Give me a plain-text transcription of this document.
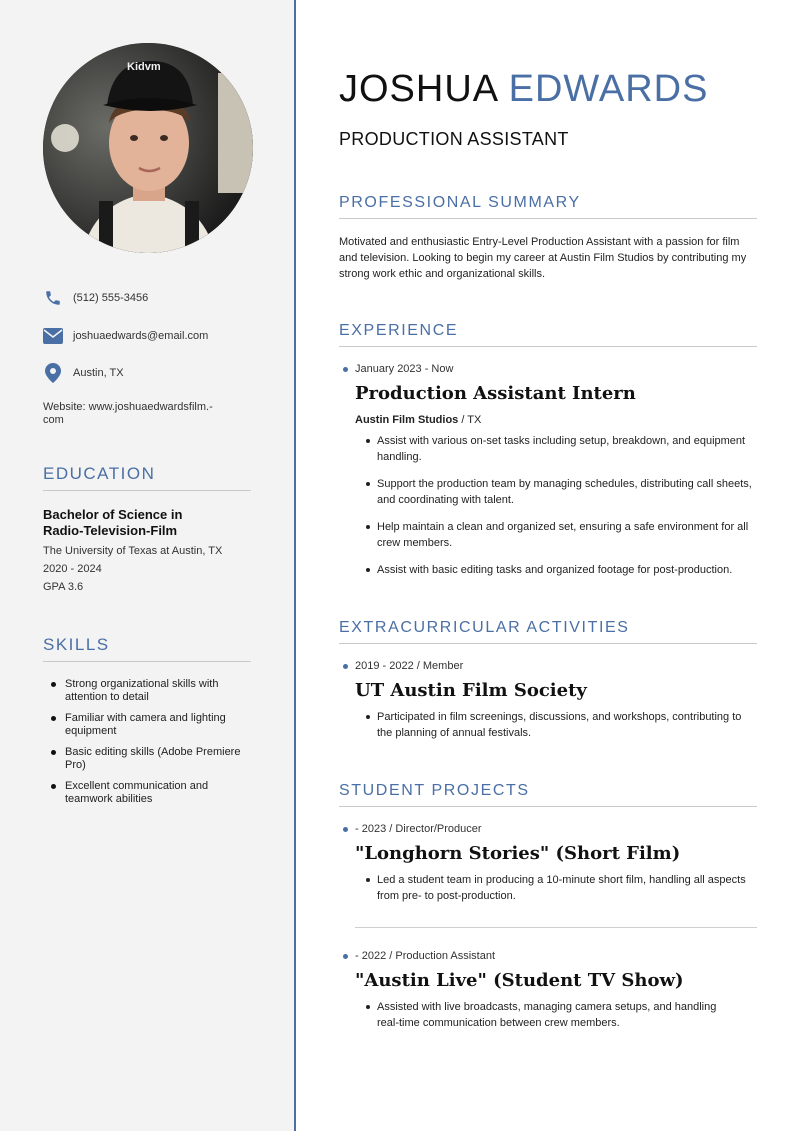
Kidvm
(512) 555-3456
joshuaedwards@email.com
Austin, TX
Website: www.joshuaedwardsfilm.-
com
EDUCATION
Bachelor of Science in
Radio-Television-Film
The University of Texas at Austin, TX
2020 - 2024
GPA 3.6
SKILLS
Strong organizational skills with
attention to detail
Familiar with camera and lighting
equipment
Basic editing skills (Adobe Premiere
Pro)
Excellent communication and
teamwork abilities
JOSHUA EDWARDS
PRODUCTION ASSISTANT
PROFESSIONAL SUMMARY
Motivated and enthusiastic Entry-Level Production Assistant with a passion for film
and television. Looking to begin my career at Austin Film Studios by contributing my
strong work ethic and organizational skills.
EXPERIENCE
January 2023 - Now
Production Assistant Intern
Austin Film Studios / TX
Assist with various on-set tasks including setup, breakdown, and equipment
handling.
Support the production team by managing schedules, distributing call sheets,
and coordinating with talent.
Help maintain a clean and organized set, ensuring a safe environment for all
crew members.
Assist with basic editing tasks and organized footage for post-production.
EXTRACURRICULAR ACTIVITIES
2019 - 2022 / Member
UT Austin Film Society
Participated in film screenings, discussions, and workshops, contributing to
the planning of annual festivals.
STUDENT PROJECTS
- 2023 / Director/Producer
"Longhorn Stories" (Short Film)
Led a student team in producing a 10-minute short film, handling all aspects
from pre- to post-production.
- 2022 / Production Assistant
"Austin Live" (Student TV Show)
Assisted with live broadcasts, managing camera setups, and handling
real-time communication between crew members.
